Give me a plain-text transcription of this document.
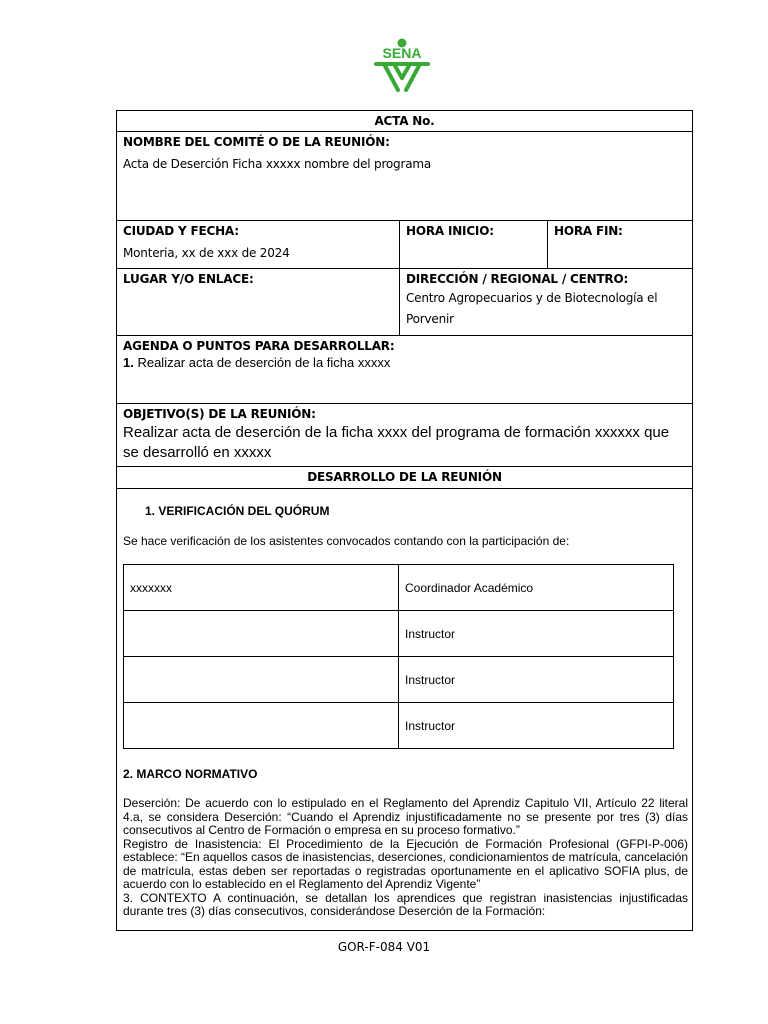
SENA
ACTA No.
NOMBRE DEL COMITÉ O DE LA REUNIÓN:
Acta de Deserción Ficha xxxxx nombre del programa
CIUDAD Y FECHA:
Monteria, xx de xxx de 2024
HORA INICIO:	HORA FIN:
LUGAR Y/O ENLACE:	DIRECCIÓN / REGIONAL / CENTRO:
Centro Agropecuarios y de Biotecnología el Porvenir
AGENDA O PUNTOS PARA DESARROLLAR:
1. Realizar acta de deserción de la ficha xxxxx
OBJETIVO(S) DE LA REUNIÓN:
Realizar acta de deserción de la ficha xxxx del programa de formación xxxxxx que se desarrolló en xxxxx
DESARROLLO DE LA REUNIÓN
1. VERIFICACIÓN DEL QUÓRUM
Se hace verificación de los asistentes convocados contando con la participación de:
xxxxxxx	Coordinador Académico
	Instructor
	Instructor
	Instructor
2. MARCO NORMATIVO
Deserción: De acuerdo con lo estipulado en el Reglamento del Aprendiz Capitulo VII, Artículo 22 literal 4.a, se considera Deserción: “Cuando el Aprendiz injustificadamente no se presente por tres (3) días consecutivos al Centro de Formación o empresa en su proceso formativo.”
Registro de Inasistencia: El Procedimiento de la Ejecución de Formación Profesional (GFPI-P-006) establece: “En aquellos casos de inasistencias, deserciones, condicionamientos de matrícula, cancelación de matrícula, estas deben ser reportadas o registradas oportunamente en el aplicativo SOFIA plus, de acuerdo con lo establecido en el Reglamento del Aprendiz Vigente”
3. CONTEXTO A continuación, se detallan los aprendices que registran inasistencias injustificadas durante tres (3) días consecutivos, considerándose Deserción de la Formación:
GOR-F-084 V01
